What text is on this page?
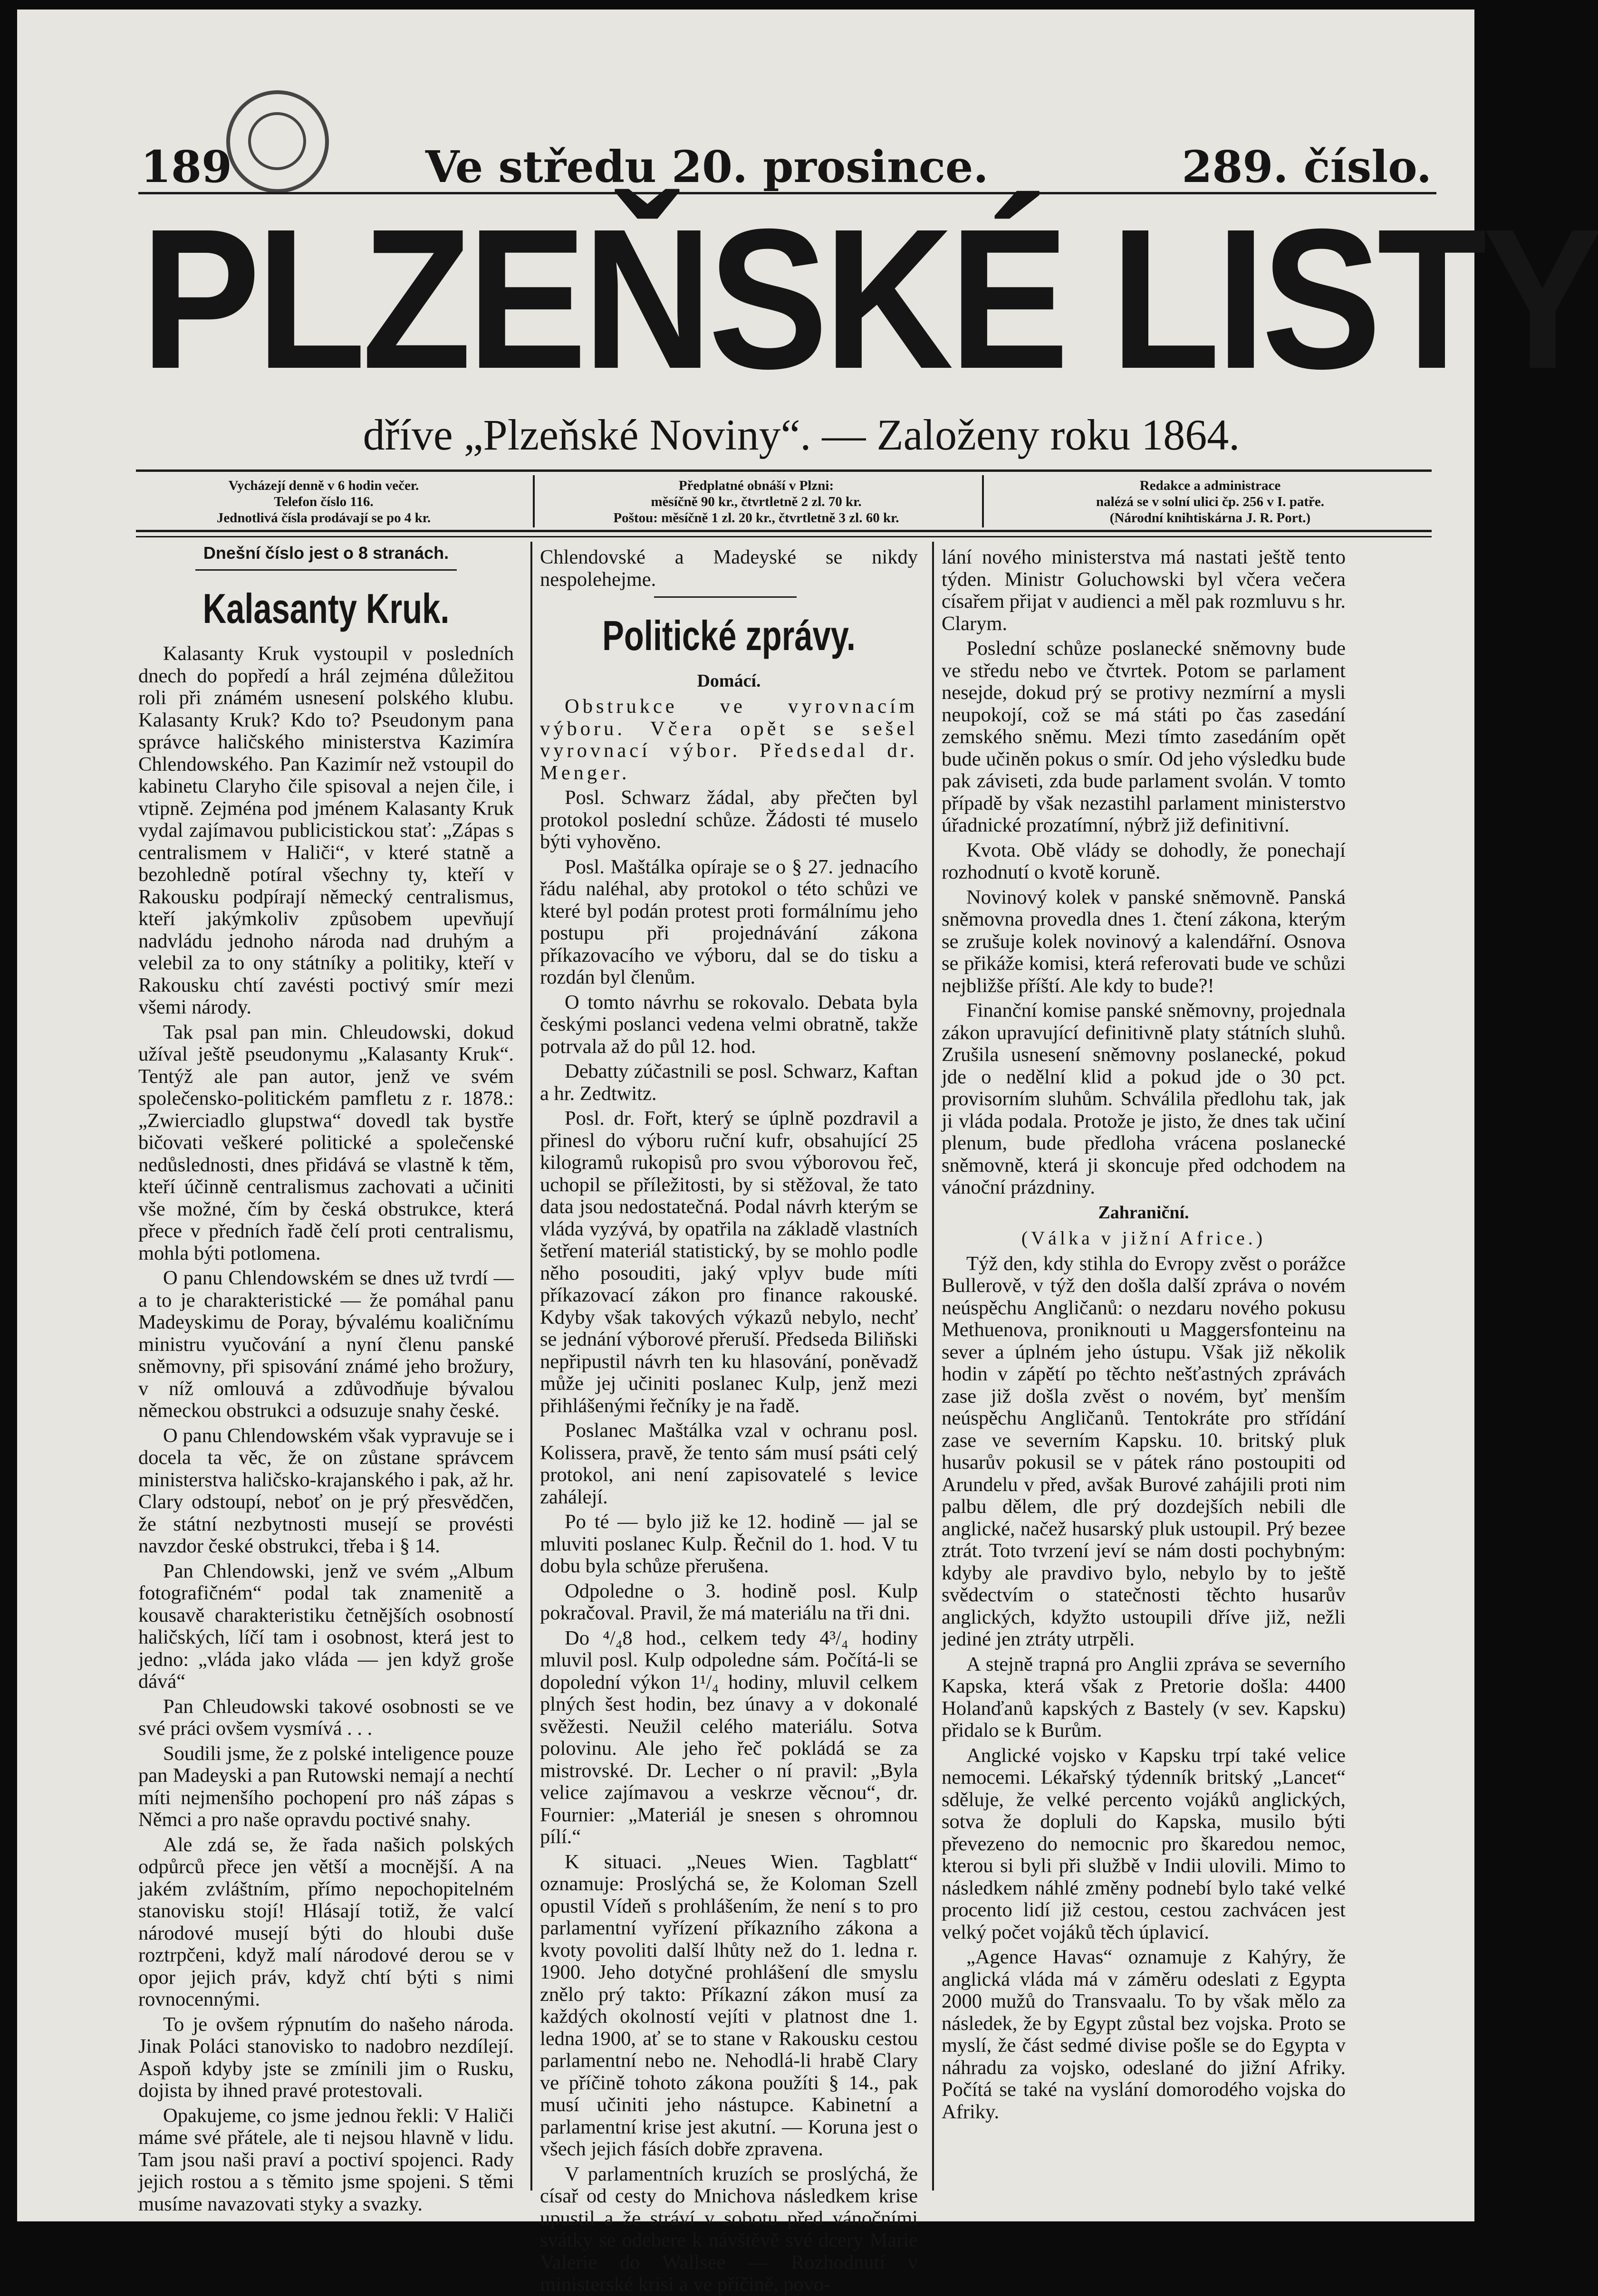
189	Ve středu 20. prosince.	289. číslo.
PLZEŇSKÉ LISTY
dříve „Plzeňské Noviny“. — Založeny roku 1864.
Vycházejí denně v 6 hodin večer.
Telefon číslo 116.
Jednotlivá čísla prodávají se po 4 kr.
Předplatné obnáší v Plzni:
měsíčně 90 kr., čtvrtletně 2 zl. 70 kr.
Poštou: měsíčně 1 zl. 20 kr., čtvrtletně 3 zl. 60 kr.
Redakce a administrace
nalézá se v solní ulici čp. 256 v I. patře.
(Národní knihtiskárna J. R. Port.)
Dnešní číslo jest o 8 stranách.
Kalasanty Kruk.

Kalasanty Kruk vystoupil v posledních dnech do popředí a hrál zejména důležitou roli při známém usnesení polského klubu. Kalasanty Kruk? Kdo to? Pseudonym pana správce haličského ministerstva Kazimíra Chlendowského. Pan Kazimír než vstoupil do kabinetu Claryho čile spisoval a nejen čile, i vtipně. Zejména pod jménem Kalasanty Kruk vydal zajímavou publicistickou stať: „Zápas s centralismem v Haliči“, v které statně a bezohledně potíral všechny ty, kteří v Rakousku podpírají německý centralismus, kteří jakýmkoliv způsobem upevňují nadvládu jednoho národa nad druhým a velebil za to ony státníky a politiky, kteří v Rakousku chtí zavésti poctivý smír mezi všemi národy.

Tak psal pan min. Chleudowski, dokud užíval ještě pseudonymu „Kalasanty Kruk“. Tentýž ale pan autor, jenž ve svém společensko-politickém pamfletu z r. 1878.: „Zwierciadlo glupstwa“ dovedl tak bystře bičovati veškeré politické a společenské nedůslednosti, dnes přidává se vlastně k těm, kteří účinně centralismus zachovati a učiniti vše možné, čím by česká obstrukce, která přece v předních řadě čelí proti centralismu, mohla býti potlomena.

O panu Chlendowském se dnes už tvrdí — a to je charakteristické — že pomáhal panu Madeyskimu de Poray, bývalému koaličnímu ministru vyučování a nyní členu panské sněmovny, při spisování známé jeho brožury, v níž omlouvá a zdůvodňuje bývalou německou obstrukci a odsuzuje snahy české.

O panu Chlendowském však vypravuje se i docela ta věc, že on zůstane správcem ministerstva haličsko-krajanského i pak, až hr. Clary odstoupí, neboť on je prý přesvědčen, že státní nezbytnosti musejí se provésti navzdor české obstrukci, třeba i § 14.

Pan Chlendowski, jenž ve svém „Album fotografičném“ podal tak znamenitě a kousavě charakteristiku četnějších osobností haličských, líčí tam i osobnost, která jest to jedno: „vláda jako vláda — jen když groše dává“

Pan Chleudowski takové osobnosti se ve své práci ovšem vysmívá . . .

Soudili jsme, že z polské inteligence pouze pan Madeyski a pan Rutowski nemají a nechtí míti nejmenšího pochopení pro náš zápas s Němci a pro naše opravdu poctivé snahy.

Ale zdá se, že řada našich polských odpůrců přece jen větší a mocnější. A na jakém zvláštním, přímo nepochopitelném stanovisku stojí! Hlásají totiž, že valcí národové musejí býti do hloubi duše roztrpčeni, když malí národové derou se v opor jejich práv, když chtí býti s nimi rovnocennými.

To je ovšem rýpnutím do našeho národa. Jinak Poláci stanovisko to nadobro nezdílejí. Aspoň kdyby jste se zmínili jim o Rusku, dojista by ihned pravé protestovali.

Opakujeme, co jsme jednou řekli: V Haliči máme své přátele, ale ti nejsou hlavně v lidu. Tam jsou naši praví a poctiví spojenci. Rady jejich rostou a s těmito jsme spojeni. S těmi musíme navazovati styky a svazky.

Chlendovské a Madeyské se nikdy nespolehejme.

Politické zprávy.
Domácí.

Obstrukce ve vyrovnacím výboru. Včera opět se sešel vyrovnací výbor. Předsedal dr. Menger.

Posl. Schwarz žádal, aby přečten byl protokol poslední schůze. Žádosti té muselo býti vyhověno.

Posl. Maštálka opíraje se o § 27. jednacího řádu naléhal, aby protokol o této schůzi ve které byl podán protest proti formálnímu jeho postupu při projednávání zákona příkazovacího ve výboru, dal se do tisku a rozdán byl členům.

O tomto návrhu se rokovalo. Debata byla českými poslanci vedena velmi obratně, takže potrvala až do půl 12. hod.

Debatty zúčastnili se posl. Schwarz, Kaftan a hr. Zedtwitz.

Posl. dr. Fořt, který se úplně pozdravil a přinesl do výboru ruční kufr, obsahující 25 kilogramů rukopisů pro svou výborovou řeč, uchopil se příležitosti, by si stěžoval, že tato data jsou nedostatečná. Podal návrh kterým se vláda vyzývá, by opatřila na základě vlastních šetření materiál statistický, by se mohlo podle něho posouditi, jaký vplyv bude míti příkazovací zákon pro finance rakouské. Kdyby však takových výkazů nebylo, nechť se jednání výborové přeruší. Předseda Biliňski nepřipustil návrh ten ku hlasování, poněvadž může jej učiniti poslanec Kulp, jenž mezi přihlášenými řečníky je na řadě.

Poslanec Maštálka vzal v ochranu posl. Kolissera, pravě, že tento sám musí psáti celý protokol, ani není zapisovatelé s levice zahálejí.

Po té — bylo již ke 12. hodině — jal se mluviti poslanec Kulp. Řečnil do 1. hod. V tu dobu byla schůze přerušena.

Odpoledne o 3. hodině posl. Kulp pokračoval. Pravil, že má materiálu na tři dni.

Do ⁴/₄8 hod., celkem tedy 4³/₄ hodiny mluvil posl. Kulp odpoledne sám. Počítá-li se dopolední výkon 1¹/₄ hodiny, mluvil celkem plných šest hodin, bez únavy a v dokonalé svěžesti. Neužil celého materiálu. Sotva polovinu. Ale jeho řeč pokládá se za mistrovské. Dr. Lecher o ní pravil: „Byla velice zajímavou a veskrze věcnou“, dr. Fournier: „Materiál je snesen s ohromnou pílí.“

K situaci. „Neues Wien. Tagblatt“ oznamuje: Proslýchá se, že Koloman Szell opustil Vídeň s prohlášením, že není s to pro parlamentní vyřízení příkazního zákona a kvoty povoliti další lhůty než do 1. ledna r. 1900. Jeho dotyčné prohlášení dle smyslu znělo prý takto: Příkazní zákon musí za každých okolností vejíti v platnost dne 1. ledna 1900, ať se to stane v Rakousku cestou parlamentní nebo ne. Nehodlá-li hrabě Clary ve příčině tohoto zákona použíti § 14., pak musí učiniti jeho nástupce. Kabinetní a parlamentní krise jest akutní. — Koruna jest o všech jejich fásích dobře zpravena.

V parlamentních kruzích se proslýchá, že císař od cesty do Mnichova následkem krise upustil a že stráví v sobotu před vánočními svátky se odebere k návštěvě své dcery Marie Valerie do Wallsee — Rozhodnutí v ministerské krisi a ve příčině, povo-

lání nového ministerstva má nastati ještě tento týden. Ministr Goluchowski byl včera večera císařem přijat v audienci a měl pak rozmluvu s hr. Clarym.

Poslední schůze poslanecké sněmovny bude ve středu nebo ve čtvrtek. Potom se parlament nesejde, dokud prý se protivy nezmírní a mysli neupokojí, což se má státi po čas zasedání zemského sněmu. Mezi tímto zasedáním opět bude učiněn pokus o smír. Od jeho výsledku bude pak záviseti, zda bude parlament svolán. V tomto případě by však nezastihl parlament ministerstvo úřadnické prozatímní, nýbrž již definitivní.

Kvota. Obě vlády se dohodly, že ponechají rozhodnutí o kvotě koruně.

Novinový kolek v panské sněmovně. Panská sněmovna provedla dnes 1. čtení zákona, kterým se zrušuje kolek novinový a kalendářní. Osnova se přikáže komisi, která referovati bude ve schůzi nejbližše příští. Ale kdy to bude?!

Finanční komise panské sněmovny, projednala zákon upravující definitivně platy státních sluhů. Zrušila usnesení sněmovny poslanecké, pokud jde o nedělní klid a pokud jde o 30 pct. provisorním sluhům. Schválila předlohu tak, jak ji vláda podala. Protože je jisto, že dnes tak učiní plenum, bude předloha vrácena poslanecké sněmovně, která ji skoncuje před odchodem na vánoční prázdniny.

Zahraniční.
(Válka v jižní Africe.)

Týž den, kdy stihla do Evropy zvěst o porážce Bullerově, v týž den došla další zpráva o novém neúspěchu Angličanů: o nezdaru nového pokusu Methuenova, proniknouti u Maggersfonteinu na sever a úplném jeho ústupu. Však již několik hodin v zápětí po těchto nešťastných zprávách zase již došla zvěst o novém, byť menším neúspěchu Angličanů. Tentokráte pro střídání zase ve severním Kapsku. 10. britský pluk husarův pokusil se v pátek ráno postoupiti od Arundelu v před, avšak Burové zahájili proti nim palbu dělem, dle prý dozdejších nebili dle anglické, načež husarský pluk ustoupil. Prý bezee ztrát. Toto tvrzení jeví se nám dosti pochybným: kdyby ale pravdivo bylo, nebylo by to ještě svědectvím o statečnosti těchto husarův anglických, kdyžto ustoupili dříve již, nežli jediné jen ztráty utrpěli.

A stejně trapná pro Anglii zpráva se severního Kapska, která však z Pretorie došla: 4400 Holanďanů kapských z Bastely (v sev. Kapsku) přidalo se k Burům.

Anglické vojsko v Kapsku trpí také velice nemocemi. Lékařský týdenník britský „Lancet“ sděluje, že velké percento vojáků anglických, sotva že dopluli do Kapska, musilo býti převezeno do nemocnic pro škaredou nemoc, kterou si byli při službě v Indii ulovili. Mimo to následkem náhlé změny podnebí bylo také velké procento lidí již cestou, cestou zachvácen jest velký počet vojáků těch úplavicí.

„Agence Havas“ oznamuje z Kahýry, že anglická vláda má v záměru odeslati z Egypta 2000 mužů do Transvaalu. To by však mělo za následek, že by Egypt zůstal bez vojska. Proto se myslí, že část sedmé divise pošle se do Egypta v náhradu za vojsko, odeslané do jižní Afriky. Počítá se také na vyslání domorodého vojska do Afriky.
